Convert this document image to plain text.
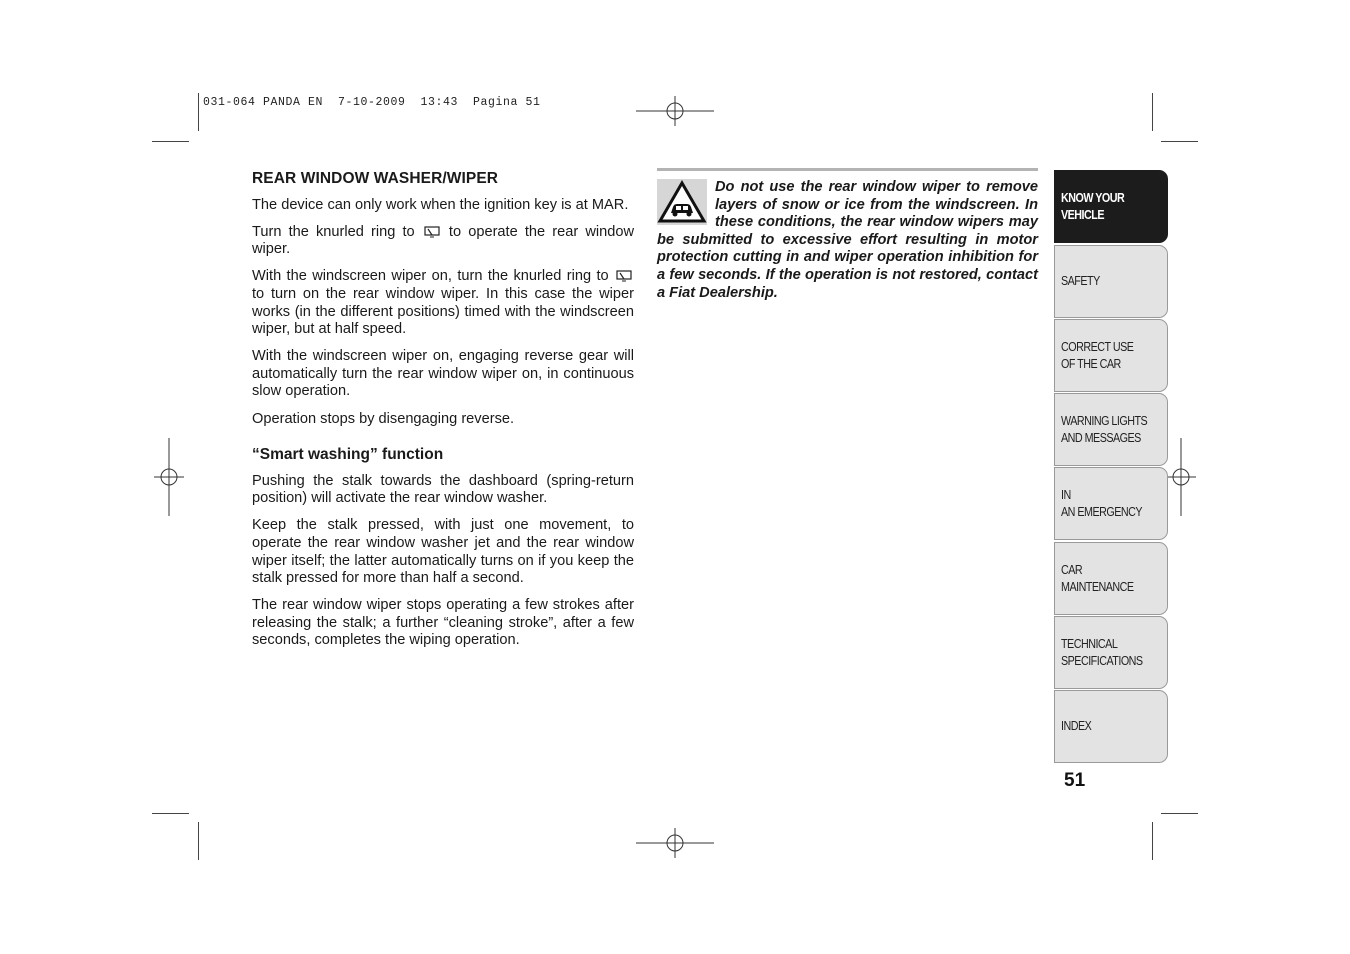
031-064 PANDA EN  7-10-2009  13:43  Pagina 51
REAR WINDOW WASHER/WIPER

The device can only work when the ignition key is at MAR.

Turn the knurled ring to to operate the rear window wiper.

With the windscreen wiper on, turn the knurled ring to  to turn on the rear window wiper. In this case the wiper works (in the different positions) timed with the windscreen wiper, but at half speed.

With the windscreen wiper on, engaging reverse gear will automatically turn the rear window wiper on, in continuous slow operation.

Operation stops by disengaging reverse.

“Smart washing” function

Pushing the stalk towards the dashboard (spring-return position) will activate the rear window washer.

Keep the stalk pressed, with just one movement, to operate the rear window washer jet and the rear window wiper itself; the latter automatically turns on if you keep the stalk pressed for more than half a second.

The rear window wiper stops operating a few strokes after releasing the stalk; a further “cleaning stroke”, after a few seconds, completes the wiping operation.

Do not use the rear window wiper to remove layers of snow or ice from the windscreen. In these conditions, the rear window wipers may be submitted to excessive effort resulting in motor protection cutting in and wiper operation inhibition for a few seconds. If the operation is not restored, contact a Fiat Dealership.

KNOW YOUR
VEHICLE
SAFETY
CORRECT USE
OF THE CAR
WARNING LIGHTS
AND MESSAGES
IN
AN EMERGENCY
CAR
MAINTENANCE
TECHNICAL
SPECIFICATIONS
INDEX
51
